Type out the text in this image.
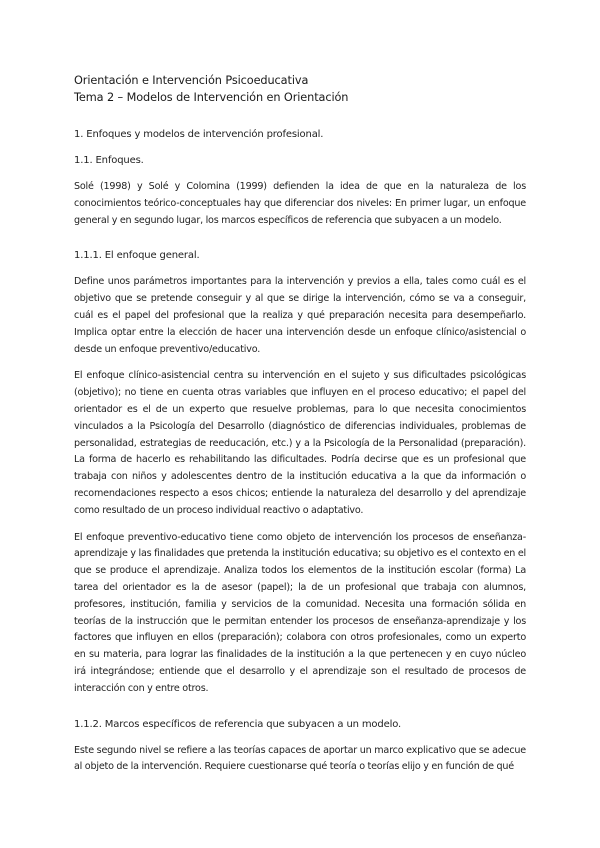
Orientación e Intervención Psicoeducativa
Tema 2 – Modelos de Intervención en Orientación

1. Enfoques y modelos de intervención profesional.

1.1. Enfoques.

Solé (1998) y Solé y Colomina (1999) defienden la idea de que en la naturaleza de los conocimientos teórico-conceptuales hay que diferenciar dos niveles: En primer lugar, un enfoque general y en segundo lugar, los marcos específicos de referencia que subyacen a un modelo.

1.1.1. El enfoque general.

Define unos parámetros importantes para la intervención y previos a ella, tales como cuál es el objetivo que se pretende conseguir y al que se dirige la intervención, cómo se va a conseguir, cuál es el papel del profesional que la realiza y qué preparación necesita para desempeñarlo. Implica optar entre la elección de hacer una intervención desde un enfoque clínico/asistencial o desde un enfoque preventivo/educativo.

El enfoque clínico-asistencial centra su intervención en el sujeto y sus dificultades psicológicas (objetivo); no tiene en cuenta otras variables que influyen en el proceso educativo; el papel del orientador es el de un experto que resuelve problemas, para lo que necesita conocimientos vinculados a la Psicología del Desarrollo (diagnóstico de diferencias individuales, problemas de personalidad, estrategias de reeducación, etc.) y a la Psicología de la Personalidad (preparación). La forma de hacerlo es rehabilitando las dificultades. Podría decirse que es un profesional que trabaja con niños y adolescentes dentro de la institución educativa a la que da información o recomendaciones respecto a esos chicos; entiende la naturaleza del desarrollo y del aprendizaje como resultado de un proceso individual reactivo o adaptativo.

El enfoque preventivo-educativo tiene como objeto de intervención los procesos de enseñanza-aprendizaje y las finalidades que pretenda la institución educativa; su objetivo es el contexto en el que se produce el aprendizaje. Analiza todos los elementos de la institución escolar (forma) La tarea del orientador es la de asesor (papel); la de un profesional que trabaja con alumnos, profesores, institución, familia y servicios de la comunidad. Necesita una formación sólida en teorías de la instrucción que le permitan entender los procesos de enseñanza-aprendizaje y los factores que influyen en ellos (preparación); colabora con otros profesionales, como un experto en su materia, para lograr las finalidades de la institución a la que pertenecen y en cuyo núcleo irá integrándose; entiende que el desarrollo y el aprendizaje son el resultado de procesos de interacción con y entre otros.

1.1.2. Marcos específicos de referencia que subyacen a un modelo.

Este segundo nivel se refiere a las teorías capaces de aportar un marco explicativo que se adecue al objeto de la intervención. Requiere cuestionarse qué teoría o teorías elijo y en función de qué
